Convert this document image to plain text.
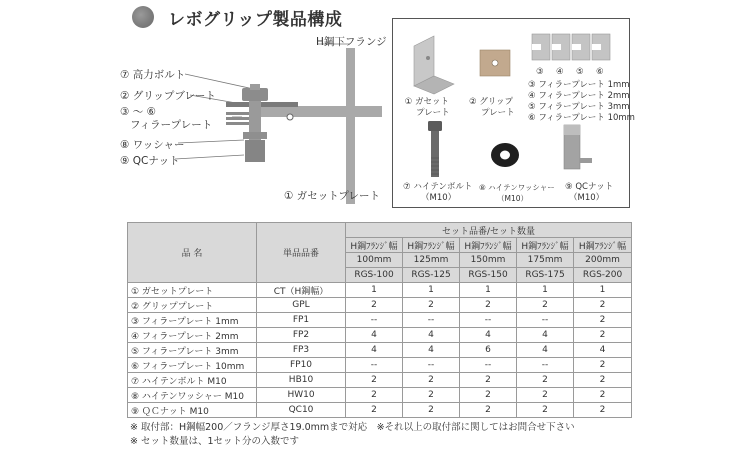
レボグリップ製品構成
H鋼下フランジ
⑦ 高力ボルト
② グリップブレート
③ 〜 ⑥
フィラープレート
⑧ ワッシャー
⑨ QCナット
① ガセットプレート
① ガセット
プレート
② グリップ
プレート
③ ④ ⑤ ⑥
③ フィラープレート 1mm
④ フィラープレート 2mm
⑤ フィラープレート 3mm
⑥ フィラープレート 10mm
⑦ ハイテンボルト
（M10）
⑧ ハイテンワッシャー
（M10）
⑨ QCナット
（M10）
品 名	単品品番	セット品番/セット数量				
		H鋼ﾌﾗﾝｼﾞ幅	H鋼ﾌﾗﾝｼﾞ幅	H鋼ﾌﾗﾝｼﾞ幅	H鋼ﾌﾗﾝｼﾞ幅	H鋼ﾌﾗﾝｼﾞ幅
		100mm	125mm	150mm	175mm	200mm
		RGS-100	RGS-125	RGS-150	RGS-175	RGS-200
① ガセットプレート	CT（H鋼幅）	1	1	1	1	1
② グリッププレート	GPL	2	2	2	2	2
③ フィラープレート 1mm	FP1	--	--	--	--	2
④ フィラープレート 2mm	FP2	4	4	4	4	2
⑤ フィラープレート 3mm	FP3	4	4	6	4	4
⑥ フィラープレート 10mm	FP10	--	--	--	--	2
⑦ ハイテンボルト M10	HB10	2	2	2	2	2
⑧ ハイテンワッシャー M10	HW10	2	2	2	2	2
⑨ ＱＣナット M10	QC10	2	2	2	2	2
※ 取付部：H鋼幅200／フランジ厚さ19.0mmまで対応　※それ以上の取付部に関してはお問合せ下さい
※ セット数量は、1セット分の入数です
